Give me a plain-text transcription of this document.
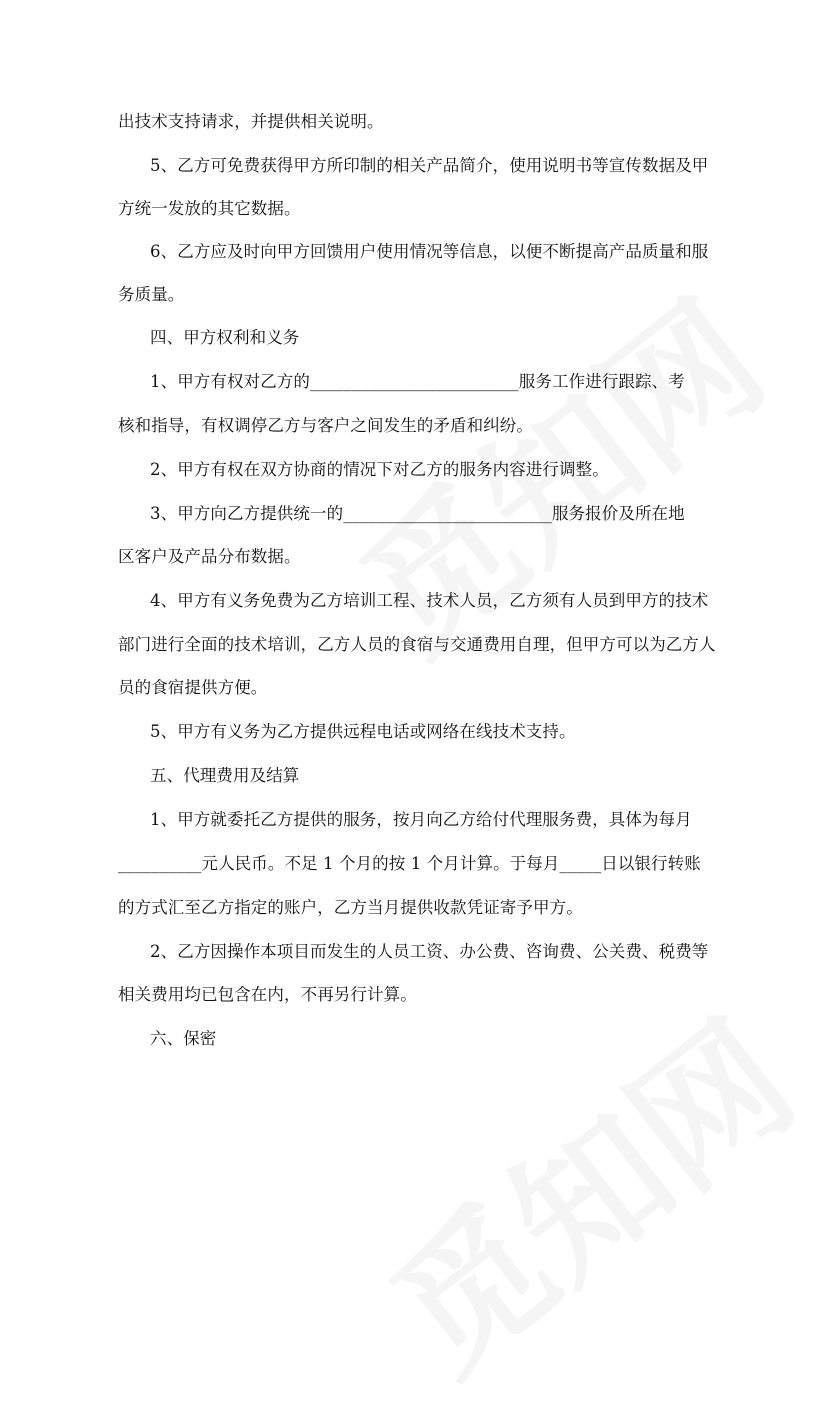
出技术支持请求，并提供相关说明。
5、乙方可免费获得甲方所印制的相关产品简介，使用说明书等宣传数据及甲
方统一发放的其它数据。
6、乙方应及时向甲方回馈用户使用情况等信息，以便不断提高产品质量和服
务质量。
四、甲方权利和义务
1、甲方有权对乙方的_________________________服务工作进行跟踪、考
核和指导，有权调停乙方与客户之间发生的矛盾和纠纷。
2、甲方有权在双方协商的情况下对乙方的服务内容进行调整。
3、甲方向乙方提供统一的_________________________服务报价及所在地
区客户及产品分布数据。
4、甲方有义务免费为乙方培训工程、技术人员，乙方须有人员到甲方的技术
部门进行全面的技术培训，乙方人员的食宿与交通费用自理，但甲方可以为乙方人
员的食宿提供方便。
5、甲方有义务为乙方提供远程电话或网络在线技术支持。
五、代理费用及结算
1、甲方就委托乙方提供的服务，按月向乙方给付代理服务费，具体为每月
__________元人民币。不足 1 个月的按 1 个月计算。于每月_____日以银行转账
的方式汇至乙方指定的账户，乙方当月提供收款凭证寄予甲方。
2、乙方因操作本项目而发生的人员工资、办公费、咨询费、公关费、税费等
相关费用均已包含在内，不再另行计算。
六、保密
